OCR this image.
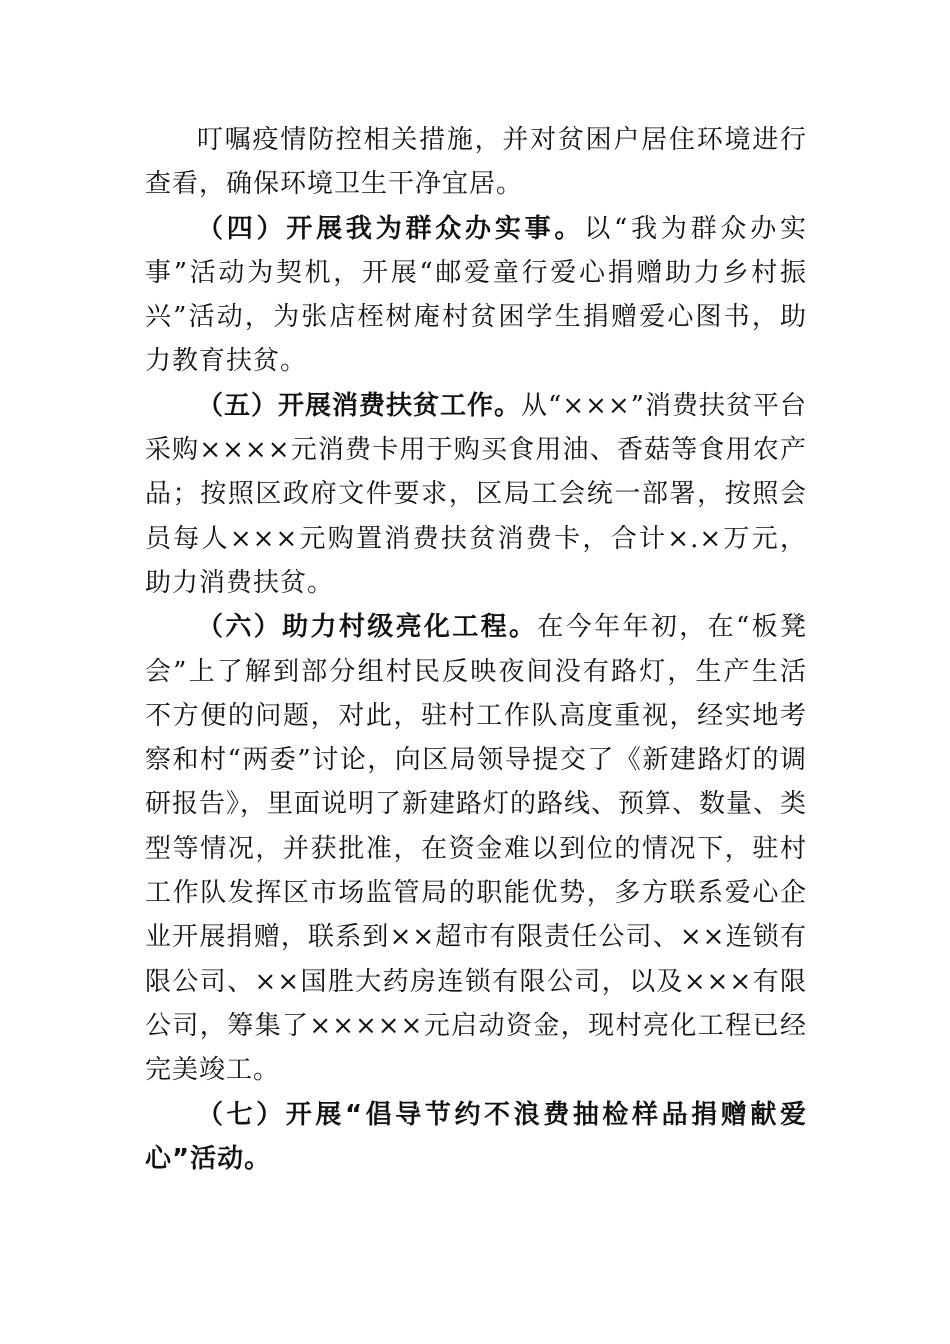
叮嘱疫情防控相关措施，并对贫困户居住环境进行查看，确保环境卫生干净宜居。

（四）开展我为群众办实事。以“我为群众办实事”活动为契机，开展“邮爱童行爱心捐赠助力乡村振兴”活动，为张店桎树庵村贫困学生捐赠爱心图书，助力教育扶贫。

（五）开展消费扶贫工作。从“×××”消费扶贫平台采购××××元消费卡用于购买食用油、香菇等食用农产品；按照区政府文件要求，区局工会统一部署，按照会员每人×××元购置消费扶贫消费卡，合计×.×万元，助力消费扶贫。

（六）助力村级亮化工程。在今年年初，在“板凳会”上了解到部分组村民反映夜间没有路灯，生产生活不方便的问题，对此，驻村工作队高度重视，经实地考察和村“两委”讨论，向区局领导提交了《新建路灯的调研报告》，里面说明了新建路灯的路线、预算、数量、类型等情况，并获批准，在资金难以到位的情况下，驻村工作队发挥区市场监管局的职能优势，多方联系爱心企业开展捐赠，联系到××超市有限责任公司、××连锁有限公司、××国胜大药房连锁有限公司，以及×××有限公司，筹集了×××××元启动资金，现村亮化工程已经完美竣工。

（七）开展“倡导节约不浪费抽检样品捐赠献爱心”活动。
